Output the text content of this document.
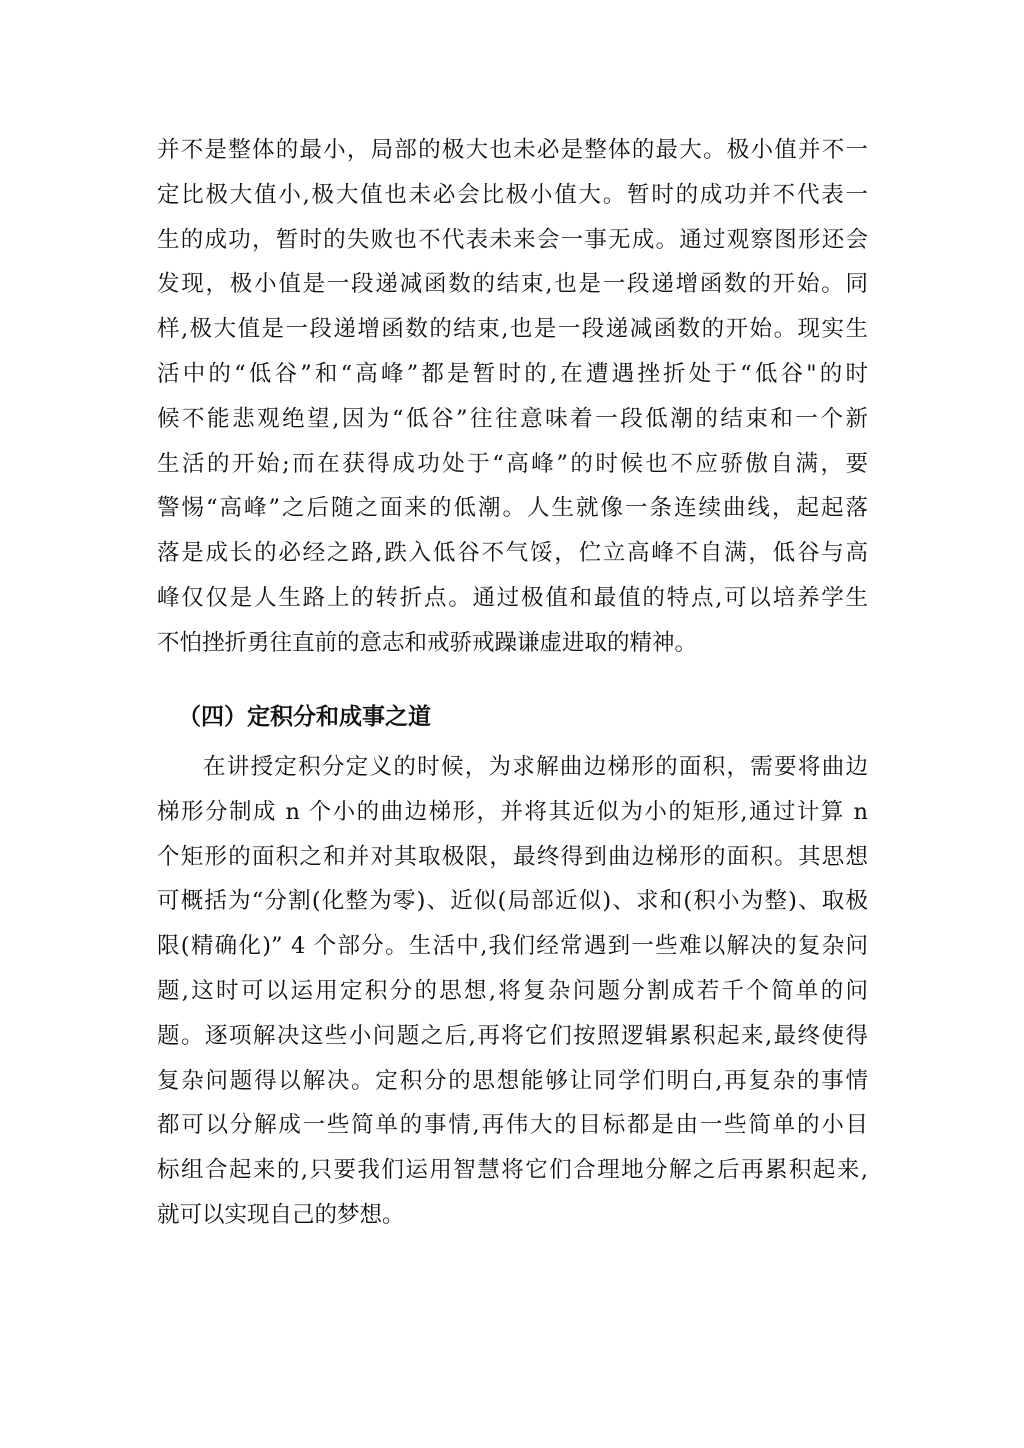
并不是整体的最小，局部的极大也未必是整体的最大。极小值并不一
定比极大值小,极大值也未必会比极小值大。暂时的成功并不代表一
生的成功，暂时的失败也不代表未来会一事无成。通过观察图形还会
发现，极小值是一段递减函数的结束,也是一段递增函数的开始。同
样,极大值是一段递增函数的结束,也是一段递减函数的开始。现实生
活中的“低谷”和“高峰”都是暂时的,在遭遇挫折处于“低谷"的时
候不能悲观绝望,因为“低谷”往往意味着一段低潮的结束和一个新
生活的开始;而在获得成功处于“高峰”的时候也不应骄傲自满，要
警惕“高峰”之后随之面来的低潮。人生就像一条连续曲线，起起落
落是成长的必经之路,跌入低谷不气馁，伫立高峰不自满，低谷与高
峰仅仅是人生路上的转折点。通过极值和最值的特点,可以培养学生
不怕挫折勇往直前的意志和戒骄戒躁谦虚进取的精神。
（四）定积分和成事之道
在讲授定积分定义的时候，为求解曲边梯形的面积，需要将曲边
梯形分制成 n 个小的曲边梯形，并将其近似为小的矩形,通过计算 n
个矩形的面积之和并对其取极限，最终得到曲边梯形的面积。其思想
可概括为“分割(化整为零)、近似(局部近似)、求和(积小为整)、取极
限(精确化)” 4 个部分。生活中,我们经常遇到一些难以解决的复杂问
题,这时可以运用定积分的思想,将复杂问题分割成若千个简单的问
题。逐项解决这些小问题之后,再将它们按照逻辑累积起来,最终使得
复杂问题得以解决。定积分的思想能够让同学们明白,再复杂的事情
都可以分解成一些简单的事情,再伟大的目标都是由一些简单的小目
标组合起来的,只要我们运用智慧将它们合理地分解之后再累积起来,
就可以实现自己的梦想。
